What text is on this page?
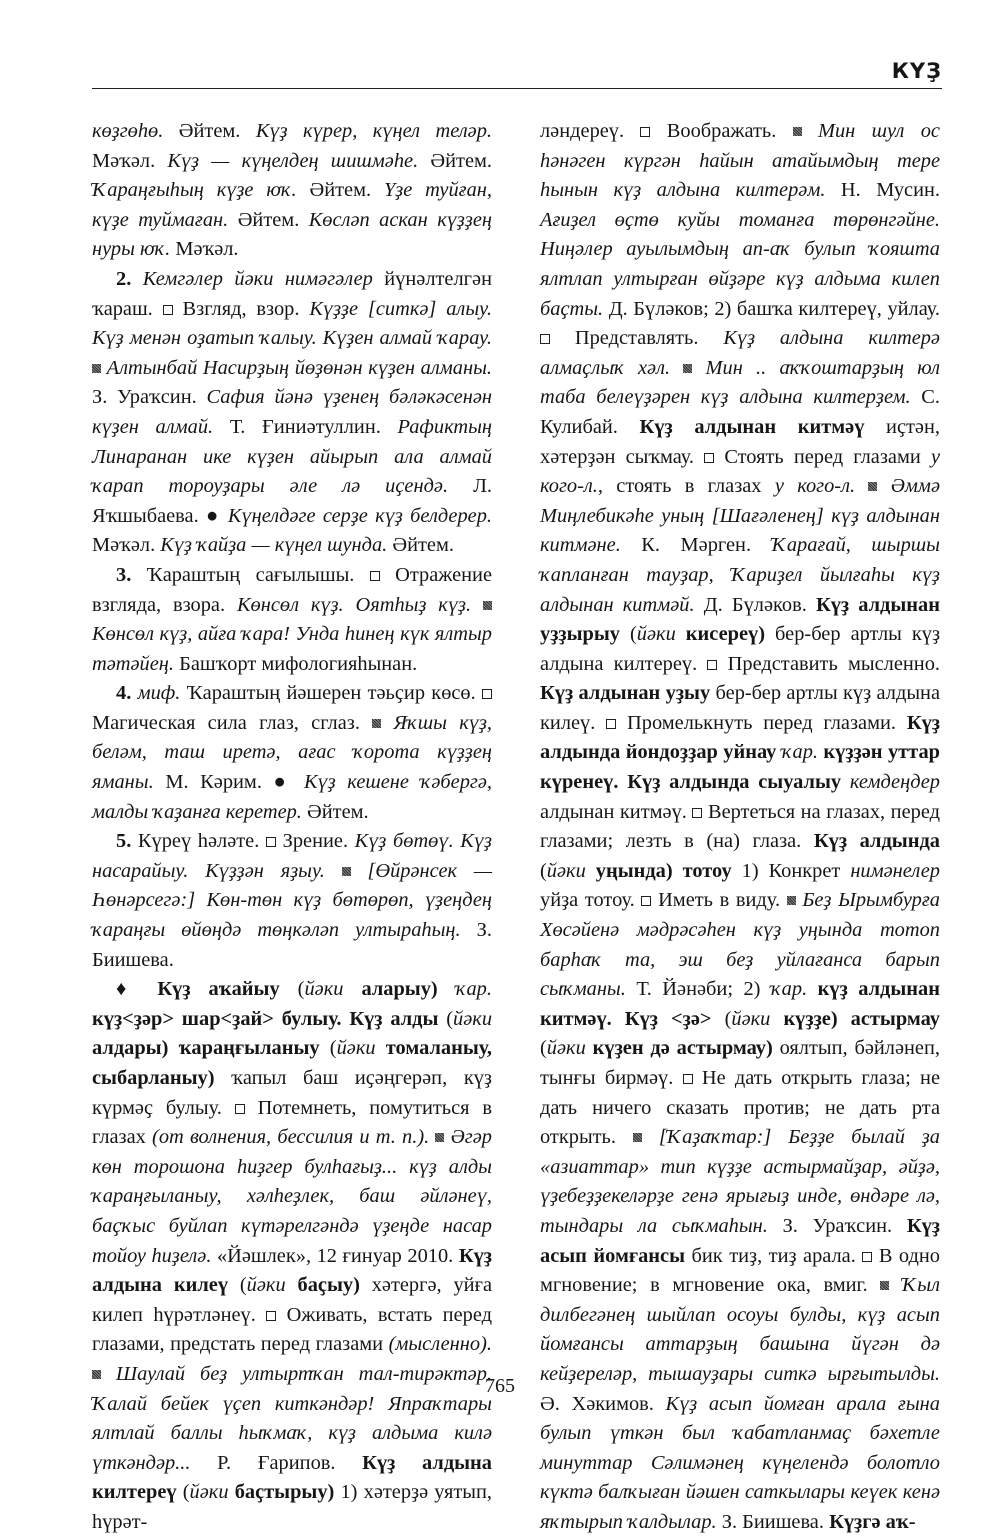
КҮҘ

көҙгөһө. Әйтем. Күҙ күрер, күңел теләр. Мәҡәл. Күҙ — күңелдең шишмәһе. Әйтем. Ҡараңғыһың күҙе юҡ. Әйтем. Үҙе туйған, күҙе туймаған. Әйтем. Көсләп аскан күҙҙең нуры юҡ. Мәҡәл.

2. Кемгәлер йәки нимәгәлер йүнәлтелгән ҡараш.  Взгляд, взор. Күҙҙе [ситкә] алыу. Күҙ менән оҙатып ҡалыу. Күҙен алмай ҡарау.  Алтынбай Насирҙың йөҙөнән күҙен алманы. З. Ураҡсин. Сафия йәнә үҙенең бәләкәсенән күҙен алмай. Т. Ғиниәтуллин. Рафиктың Линаранан ике күҙен айырып ала алмай ҡарап тороуҙары әле лә иҫендә. Л. Яҡшыбаева. ● Күңелдәге серҙе күҙ белдерер. Мәҡәл. Күҙ ҡайҙа — күңел шунда. Әйтем.

3. Ҡараштың сағылышы.  Отражение взгляда, взора. Көнсөл күҙ. Оятһыҙ күҙ.  Көнсөл күҙ, айға ҡара! Унда һинең күк ялтыр тәтәйең. Башҡорт мифологияһынан.

4. миф. Ҡараштың йәшерен тәьҫир көсө.  Магическая сила глаз, сглаз.  Яҡшы күҙ, беләм, таш иретә, ағас ҡорота күҙҙең яманы. М. Кәрим. ● Күҙ кешене ҡәбергә, малды ҡаҙанға керетер. Әйтем.

5. Күреү һәләте.  Зрение. Күҙ бөтөү. Күҙ насарайыу. Күҙҙән яҙыу. [Өйрәнсек — Һөнәрсегә:] Көн-төн күҙ бөтөрөп, үҙеңдең ҡараңғы өйөңдә төңкәләп ултыраһың. З. Биишева.

♦ Күҙ аҡайыу (йәки аларыу) ҡар. күҙ<ҙәр> шар<ҙай> булыу. Күҙ алды (йәки алдары) ҡараңғыланыу (йәки томаланыу, сыбарланыу) ҡапыл баш иҫәңгерәп, күҙ күрмәҫ булыу.  Потемнеть, помутиться в глазах (от волнения, бессилия и т. п.). Әгәр көн торошона һиҙгер булһағыҙ... күҙ алды ҡараңғыланыу, хәлһеҙлек, баш әйләнеү, баҫҡыс буйлап күтәрелгәндә үҙеңде насар тойоу һиҙелә. «Йәшлек», 12 ғинуар 2010. Күҙ алдына килеү (йәки баҫыу) хәтергә, уйға килеп һүрәтләнеү.  Оживать, встать перед глазами, предстать перед глазами (мысленно).  Шаулай беҙ ултыртҡан тал-тирәктәр. Ҡалай бейек үҫеп киткәндәр! Япраҡтары ялтлай баллы һыҡмаҡ, күҙ алдыма килә үткәндәр... Р. Ғарипов. Күҙ алдына килтереү (йәки баҫтырыу) 1) хәтерҙә уятып, һүрәт-

ләндереү.  Воображать.  Мин шул ос һәнәген күргән һайын атайымдың тере һынын күҙ алдына килтерәм. Н. Мусин. Ағиҙел өҫтө куйы томанға төрөнгәйне. Ниңәлер ауылымдың ап-аҡ булып ҡояшта ялтлап ултырған өйҙәре күҙ алдыма килеп баҫты. Д. Бүләков; 2) башҡа килтереү, уйлау.  Представлять. Күҙ алдына килтерә алмаҫлыҡ хәл. Мин .. аҡҡоштарҙың юл таба белеүҙәрен күҙ алдына килтерҙем. С. Кулибай. Күҙ алдынан китмәү иҫтән, хәтерҙән сыҡмау.  Стоять перед глазами у кого-л., стоять в глазах у кого-л. Әммә Миңлебикәһе уның [Шағәленең] күҙ алдынан китмәне. К. Мәрген. Ҡарағай, шыршы ҡапланған тауҙар, Ҡариҙел йылғаһы күҙ алдынан китмәй. Д. Бүләков. Күҙ алдынан уҙҙырыу (йәки кисереү) бер-бер артлы күҙ алдына килтереү.  Представить мысленно. Күҙ алдынан уҙыу бер-бер артлы күҙ алдына килеү.  Промелькнуть перед глазами. Күҙ алдында йондоҙҙар уйнау ҡар. күҙҙән уттар күренеү. Күҙ алдында сыуалыу кемдеңдер алдынан китмәү.  Вертеться на глазах, перед глазами; лезть в (на) глаза. Күҙ алдында (йәки уңында) тотоу 1) Конкрет нимәнелер уйҙа тотоу.  Иметь в виду.  Беҙ Ырымбурға Хөсәйенә мәдрәсәһен күҙ уңында тотоп барһаҡ та, эш беҙ уйлағанса барып сыҡманы. Т. Йәнәби; 2) ҡар. күҙ алдынан китмәү. Күҙ <ҙә> (йәки күҙҙе) астырмау (йәки күҙен дә астырмау) оялтып, бәйләнеп, тынғы бирмәү.  Не дать открыть глаза; не дать ничего сказать против; не дать рта открыть.  [Ҡаҙаҡтар:] Беҙҙе былай ҙа «азиаттар» тип күҙҙе астырмайҙар, әйҙә, үҙебеҙҙекеләрҙе генә ярығыҙ инде, өндәре лә, тындары ла сыҡмаһын. З. Ураҡсин. Күҙ асып йомғансы бик тиҙ, тиҙ арала.  В одно мгновение; в мгновение ока, вмиг.  Ҡыл дилбегәнең шыйлап осоуы булды, күҙ асып йомғансы аттарҙың башына йүгән дә кейҙереләр, тышауҙары ситкә ырғытылды. Ә. Хәкимов. Күҙ асып йомған арала ғына булып үткән был ҡабатланмаҫ бәхетле минуттар Сәлимәнең күңелендә болотло күктә балҡыған йәшен саткылары кеүек кенә яҡтырып ҡалдылар. З. Биишева. Күҙгә аҡ-

765
